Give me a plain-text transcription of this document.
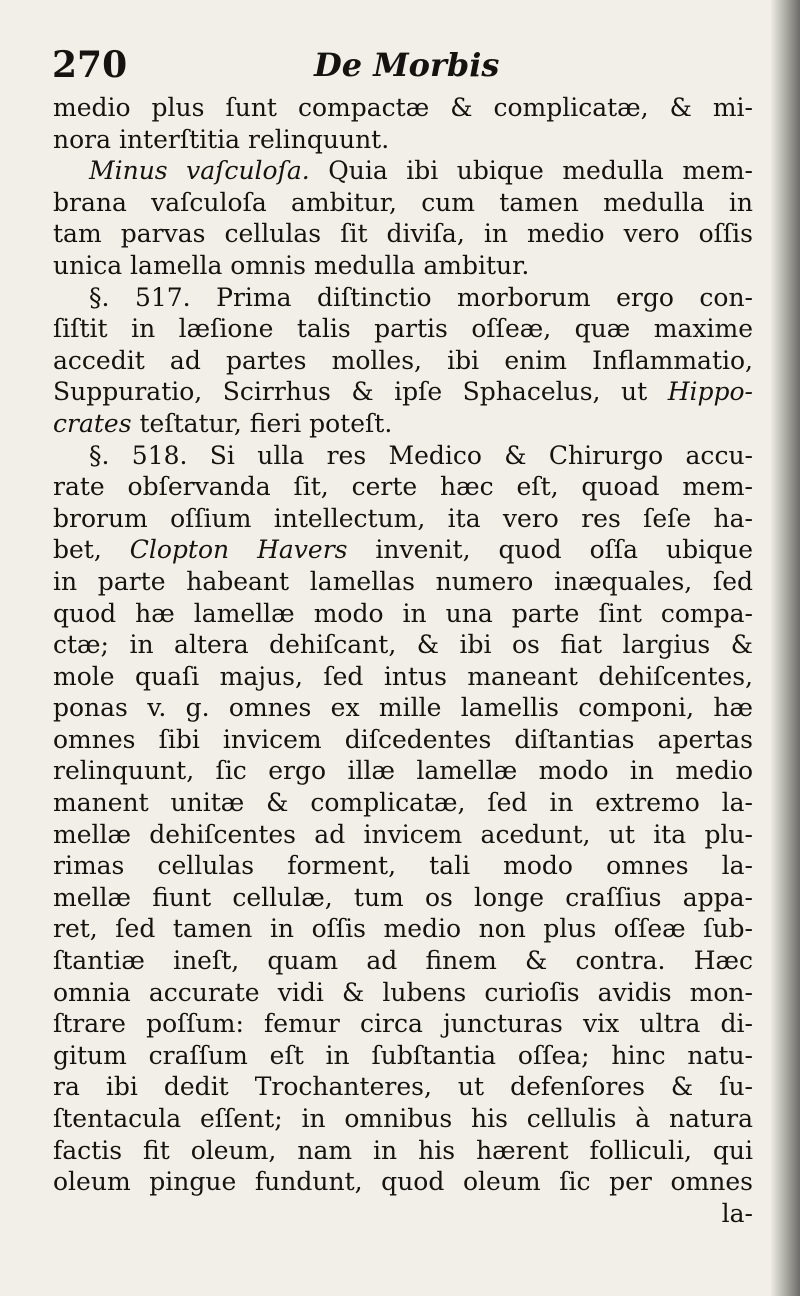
270	De Morbis
medio plus ſunt compactæ & complicatæ, & mi-
nora interſtitia relinquunt.
Minus vaſculoſa. Quia ibi ubique medulla mem-
brana vaſculoſa ambitur, cum tamen medulla in
tam parvas cellulas ſit diviſa, in medio vero oſſis
unica lamella omnis medulla ambitur.
§. 517. Prima diſtinctio morborum ergo con-
ſiſtit in læſione talis partis oſſeæ, quæ maxime
accedit ad partes molles, ibi enim Inflammatio,
Suppuratio, Scirrhus & ipſe Sphacelus, ut Hippo-
crates teſtatur, fieri poteſt.
§. 518. Si ulla res Medico & Chirurgo accu-
rate obſervanda ſit, certe hæc eſt, quoad mem-
brorum oſſium intellectum, ita vero res ſeſe ha-
bet, Clopton Havers invenit, quod oſſa ubique
in parte habeant lamellas numero inæquales, ſed
quod hæ lamellæ modo in una parte ſint compa-
ctæ; in altera dehiſcant, & ibi os fiat largius &
mole quaſi majus, ſed intus maneant dehiſcentes,
ponas v. g. omnes ex mille lamellis componi, hæ
omnes ſibi invicem diſcedentes diſtantias apertas
relinquunt, ſic ergo illæ lamellæ modo in medio
manent unitæ & complicatæ, ſed in extremo la-
mellæ dehiſcentes ad invicem acedunt, ut ita plu-
rimas cellulas forment, tali modo omnes la-
mellæ fiunt cellulæ, tum os longe craſſius appa-
ret, ſed tamen in oſſis medio non plus oſſeæ ſub-
ſtantiæ ineſt, quam ad finem & contra. Hæc
omnia accurate vidi & lubens curioſis avidis mon-
ſtrare poſſum: femur circa juncturas vix ultra di-
gitum craſſum eſt in ſubſtantia oſſea; hinc natu-
ra ibi dedit Trochanteres, ut defenſores & ſu-
ſtentacula eſſent; in omnibus his cellulis à natura
factis fit oleum, nam in his hærent folliculi, qui
oleum pingue fundunt, quod oleum ſic per omnes
la-
